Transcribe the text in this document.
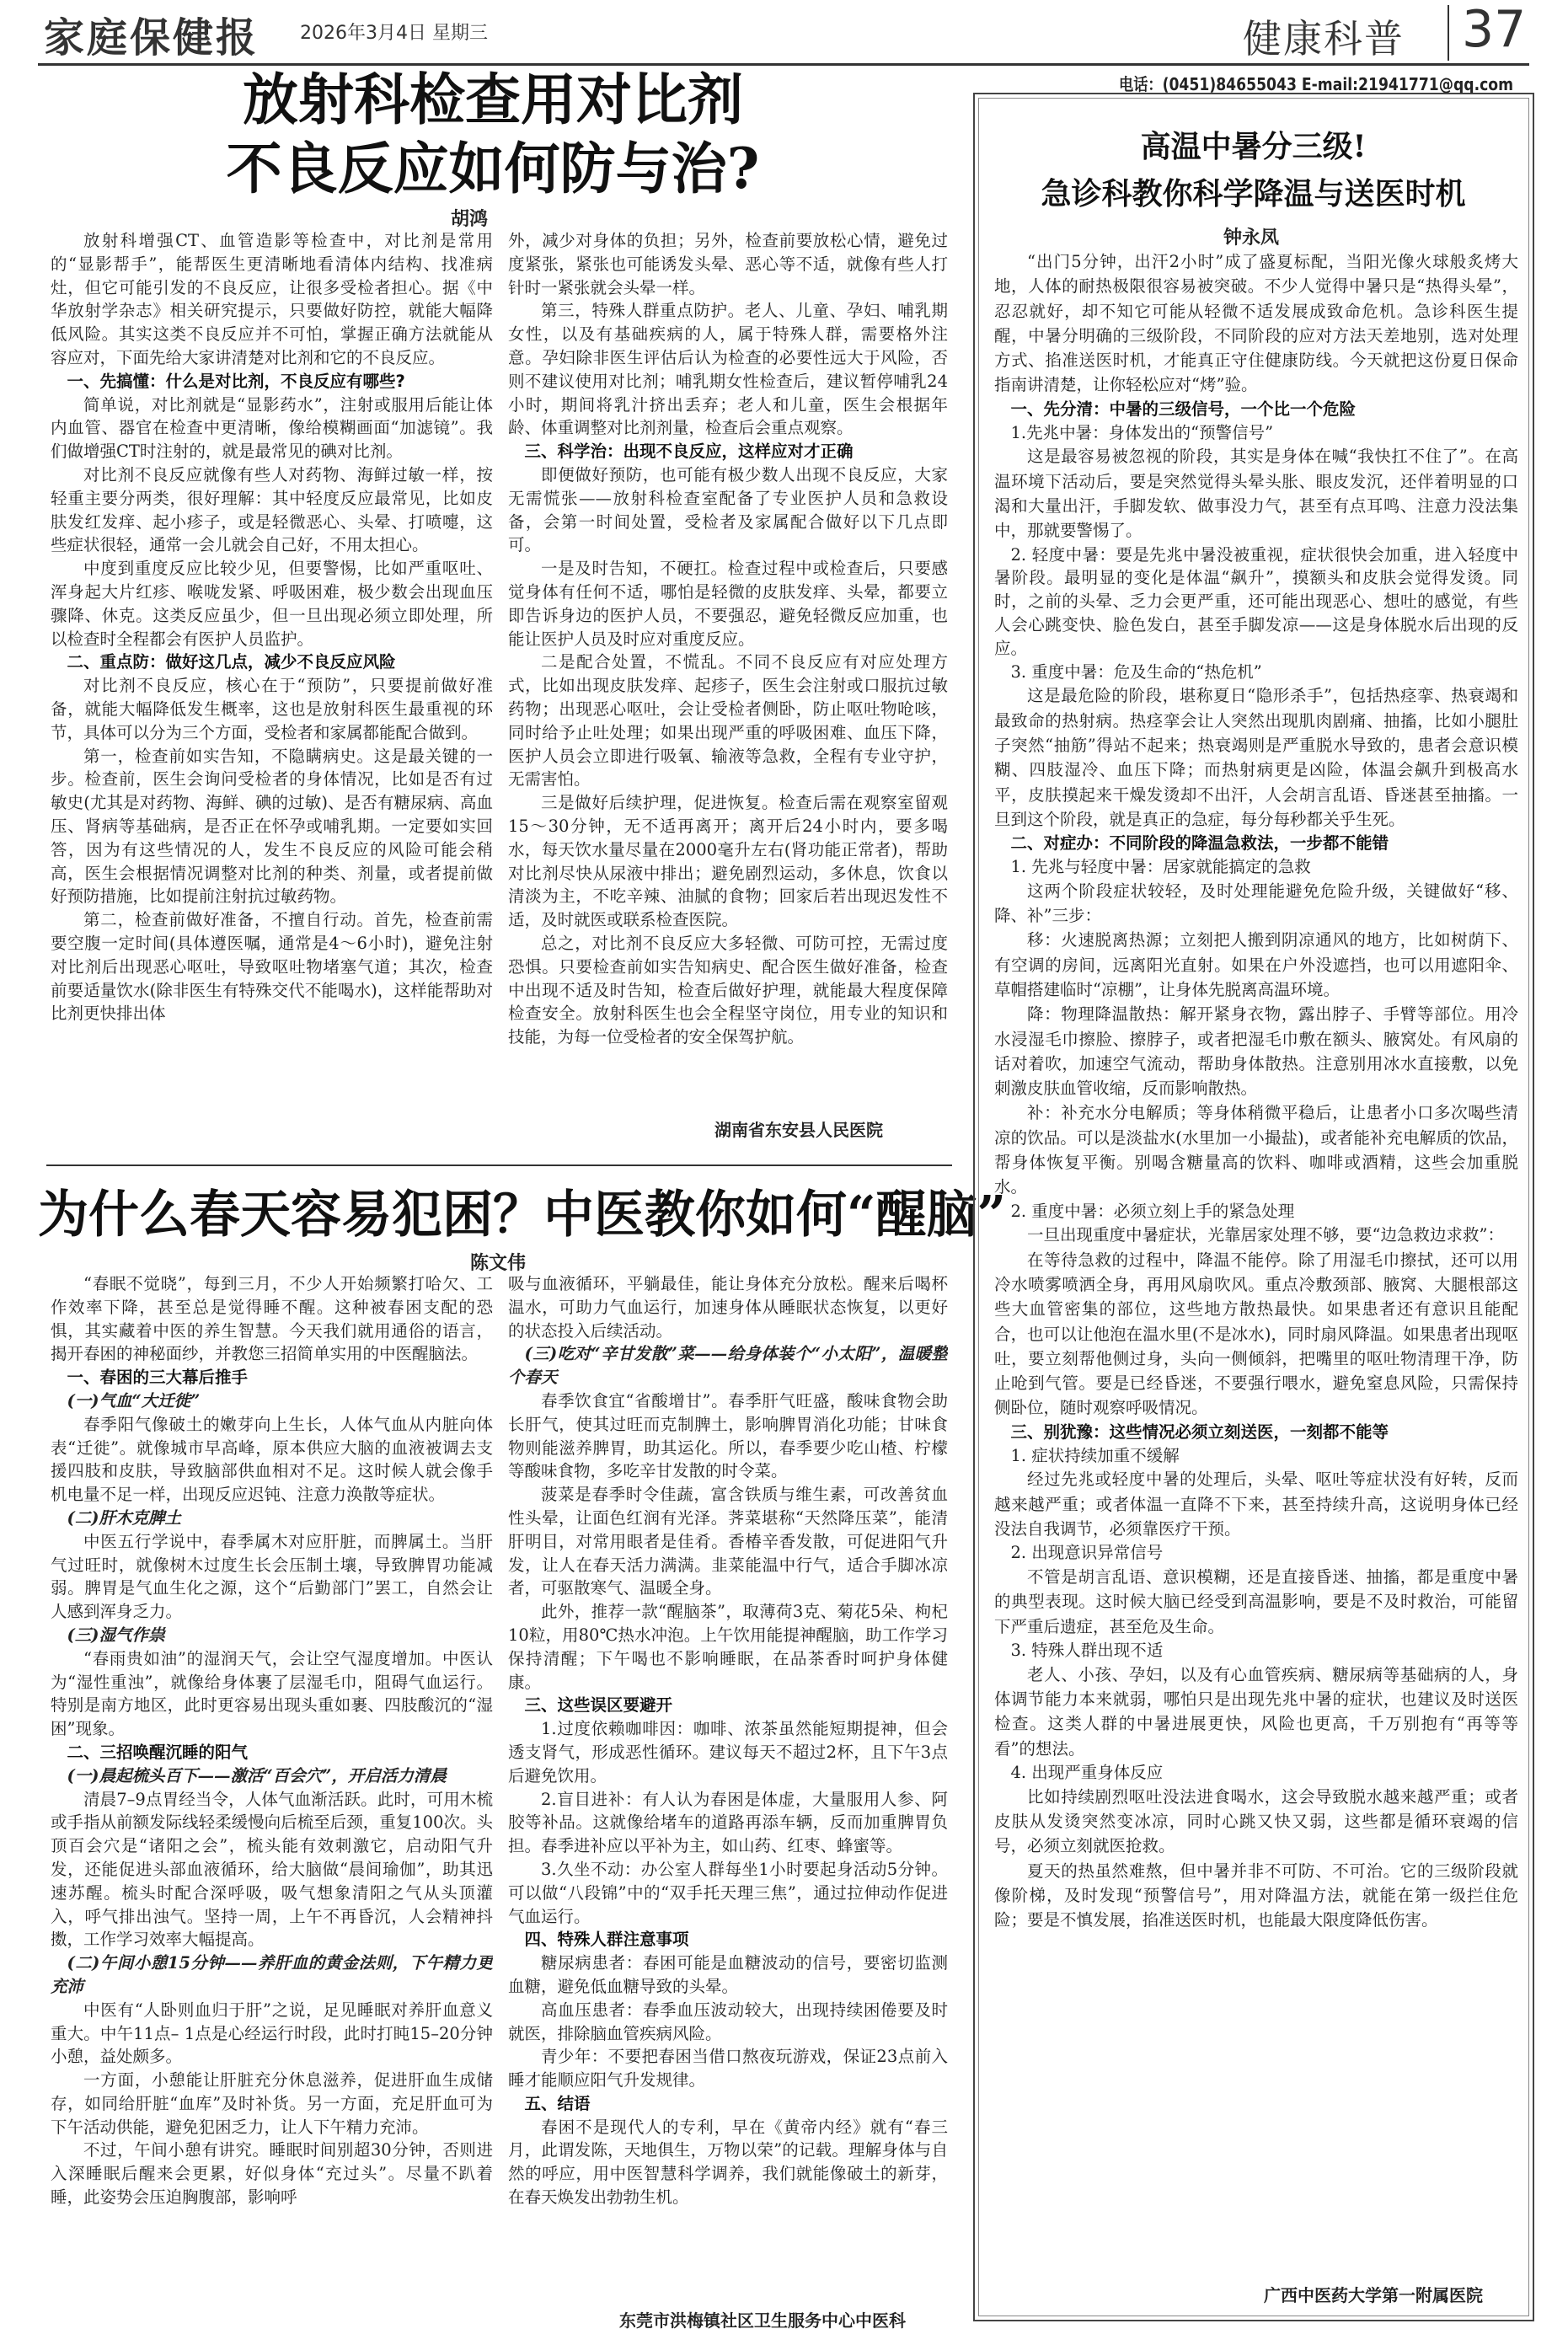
家庭保健报 2026年3月4日 星期三	健康科普 37
电话：(0451)84655043 E-mail:21941771@qq.com
放射科检查用对比剂
不良反应如何防与治?
胡鸿

放射科增强CT、血管造影等检查中，对比剂是常用的“显影帮手”，能帮医生更清晰地看清体内结构、找准病灶，但它可能引发的不良反应，让很多受检者担心。据《中华放射学杂志》相关研究提示，只要做好防控，就能大幅降低风险。其实这类不良反应并不可怕，掌握正确方法就能从容应对，下面先给大家讲清楚对比剂和它的不良反应。

一、先搞懂：什么是对比剂，不良反应有哪些?

简单说，对比剂就是“显影药水”，注射或服用后能让体内血管、器官在检查中更清晰，像给模糊画面“加滤镜”。我们做增强CT时注射的，就是最常见的碘对比剂。

对比剂不良反应就像有些人对药物、海鲜过敏一样，按轻重主要分两类，很好理解：其中轻度反应最常见，比如皮肤发红发痒、起小疹子，或是轻微恶心、头晕、打喷嚏，这些症状很轻，通常一会儿就会自己好，不用太担心。

中度到重度反应比较少见，但要警惕，比如严重呕吐、浑身起大片红疹、喉咙发紧、呼吸困难，极少数会出现血压骤降、休克。这类反应虽少，但一旦出现必须立即处理，所以检查时全程都会有医护人员监护。

二、重点防：做好这几点，减少不良反应风险

对比剂不良反应，核心在于“预防”，只要提前做好准备，就能大幅降低发生概率，这也是放射科医生最重视的环节，具体可以分为三个方面，受检者和家属都能配合做到。

第一，检查前如实告知，不隐瞒病史。这是最关键的一步。检查前，医生会询问受检者的身体情况，比如是否有过敏史(尤其是对药物、海鲜、碘的过敏)、是否有糖尿病、高血压、肾病等基础病，是否正在怀孕或哺乳期。一定要如实回答，因为有这些情况的人，发生不良反应的风险可能会稍高，医生会根据情况调整对比剂的种类、剂量，或者提前做好预防措施，比如提前注射抗过敏药物。

第二，检查前做好准备，不擅自行动。首先，检查前需要空腹一定时间(具体遵医嘱，通常是4～6小时)，避免注射对比剂后出现恶心呕吐，导致呕吐物堵塞气道；其次，检查前要适量饮水(除非医生有特殊交代不能喝水)，这样能帮助对比剂更快排出体

外，减少对身体的负担；另外，检查前要放松心情，避免过度紧张，紧张也可能诱发头晕、恶心等不适，就像有些人打针时一紧张就会头晕一样。

第三，特殊人群重点防护。老人、儿童、孕妇、哺乳期女性，以及有基础疾病的人，属于特殊人群，需要格外注意。孕妇除非医生评估后认为检查的必要性远大于风险，否则不建议使用对比剂；哺乳期女性检查后，建议暂停哺乳24小时，期间将乳汁挤出丢弃；老人和儿童，医生会根据年龄、体重调整对比剂剂量，检查后会重点观察。

三、科学治：出现不良反应，这样应对才正确

即便做好预防，也可能有极少数人出现不良反应，大家无需慌张——放射科检查室配备了专业医护人员和急救设备，会第一时间处置，受检者及家属配合做好以下几点即可。

一是及时告知，不硬扛。检查过程中或检查后，只要感觉身体有任何不适，哪怕是轻微的皮肤发痒、头晕，都要立即告诉身边的医护人员，不要强忍，避免轻微反应加重，也能让医护人员及时应对重度反应。

二是配合处置，不慌乱。不同不良反应有对应处理方式，比如出现皮肤发痒、起疹子，医生会注射或口服抗过敏药物；出现恶心呕吐，会让受检者侧卧，防止呕吐物呛咳，同时给予止吐处理；如果出现严重的呼吸困难、血压下降，医护人员会立即进行吸氧、输液等急救，全程有专业守护，无需害怕。

三是做好后续护理，促进恢复。检查后需在观察室留观15～30分钟，无不适再离开；离开后24小时内，要多喝水，每天饮水量尽量在2000毫升左右(肾功能正常者)，帮助对比剂尽快从尿液中排出；避免剧烈运动，多休息，饮食以清淡为主，不吃辛辣、油腻的食物；回家后若出现迟发性不适，及时就医或联系检查医院。

总之，对比剂不良反应大多轻微、可防可控，无需过度恐惧。只要检查前如实告知病史、配合医生做好准备，检查中出现不适及时告知，检查后做好护理，就能最大程度保障检查安全。放射科医生也会全程坚守岗位，用专业的知识和技能，为每一位受检者的安全保驾护航。

湖南省东安县人民医院
为什么春天容易犯困？中医教你如何“醒脑”
陈文伟

“春眠不觉晓”，每到三月，不少人开始频繁打哈欠、工作效率下降，甚至总是觉得睡不醒。这种被春困支配的恐惧，其实藏着中医的养生智慧。今天我们就用通俗的语言，揭开春困的神秘面纱，并教您三招简单实用的中医醒脑法。

一、春困的三大幕后推手
(一)气血“大迁徙”

春季阳气像破土的嫩芽向上生长，人体气血从内脏向体表“迁徙”。就像城市早高峰，原本供应大脑的血液被调去支援四肢和皮肤，导致脑部供血相对不足。这时候人就会像手机电量不足一样，出现反应迟钝、注意力涣散等症状。

(二)肝木克脾土

中医五行学说中，春季属木对应肝脏，而脾属土。当肝气过旺时，就像树木过度生长会压制土壤，导致脾胃功能减弱。脾胃是气血生化之源，这个“后勤部门”罢工，自然会让人感到浑身乏力。

(三)湿气作祟

“春雨贵如油”的湿润天气，会让空气湿度增加。中医认为“湿性重浊”，就像给身体裹了层湿毛巾，阻碍气血运行。特别是南方地区，此时更容易出现头重如裹、四肢酸沉的“湿困”现象。

二、三招唤醒沉睡的阳气
(一)晨起梳头百下——激活“百会穴”，开启活力清晨

清晨7–9点胃经当令，人体气血渐活跃。此时，可用木梳或手指从前额发际线轻柔缓慢向后梳至后颈，重复100次。头顶百会穴是“诸阳之会”，梳头能有效刺激它，启动阳气升发，还能促进头部血液循环，给大脑做“晨间瑜伽”，助其迅速苏醒。梳头时配合深呼吸，吸气想象清阳之气从头顶灌入，呼气排出浊气。坚持一周，上午不再昏沉，人会精神抖擞，工作学习效率大幅提高。

(二)午间小憩15分钟——养肝血的黄金法则，下午精力更充沛

中医有“人卧则血归于肝”之说，足见睡眠对养肝血意义重大。中午11点– 1点是心经运行时段，此时打盹15–20分钟小憩，益处颇多。

一方面，小憩能让肝脏充分休息滋养，促进肝血生成储存，如同给肝脏“血库”及时补货。另一方面，充足肝血可为下午活动供能，避免犯困乏力，让人下午精力充沛。

不过，午间小憩有讲究。睡眠时间别超30分钟，否则进入深睡眠后醒来会更累，好似身体“充过头”。尽量不趴着睡，此姿势会压迫胸腹部，影响呼

吸与血液循环，平躺最佳，能让身体充分放松。醒来后喝杯温水，可助力气血运行，加速身体从睡眠状态恢复，以更好的状态投入后续活动。

(三)吃对“辛甘发散”菜——给身体装个“小太阳”，温暖整个春天

春季饮食宜“省酸增甘”。春季肝气旺盛，酸味食物会助长肝气，使其过旺而克制脾土，影响脾胃消化功能；甘味食物则能滋养脾胃，助其运化。所以，春季要少吃山楂、柠檬等酸味食物，多吃辛甘发散的时令菜。

菠菜是春季时令佳蔬，富含铁质与维生素，可改善贫血性头晕，让面色红润有光泽。荠菜堪称“天然降压菜”，能清肝明目，对常用眼者是佳肴。香椿辛香发散，可促进阳气升发，让人在春天活力满满。韭菜能温中行气，适合手脚冰凉者，可驱散寒气、温暖全身。

此外，推荐一款“醒脑茶”，取薄荷3克、菊花5朵、枸杞10粒，用80℃热水冲泡。上午饮用能提神醒脑，助工作学习保持清醒；下午喝也不影响睡眠，在品茶香时呵护身体健康。

三、这些误区要避开

1.过度依赖咖啡因：咖啡、浓茶虽然能短期提神，但会透支肾气，形成恶性循环。建议每天不超过2杯，且下午3点后避免饮用。

2.盲目进补：有人认为春困是体虚，大量服用人参、阿胶等补品。这就像给堵车的道路再添车辆，反而加重脾胃负担。春季进补应以平补为主，如山药、红枣、蜂蜜等。

3.久坐不动：办公室人群每坐1小时要起身活动5分钟。可以做“八段锦”中的“双手托天理三焦”，通过拉伸动作促进气血运行。

四、特殊人群注意事项

糖尿病患者：春困可能是血糖波动的信号，要密切监测血糖，避免低血糖导致的头晕。

高血压患者：春季血压波动较大，出现持续困倦要及时就医，排除脑血管疾病风险。

青少年：不要把春困当借口熬夜玩游戏，保证23点前入睡才能顺应阳气升发规律。

五、结语

春困不是现代人的专利，早在《黄帝内经》就有“春三月，此谓发陈，天地俱生，万物以荣”的记载。理解身体与自然的呼应，用中医智慧科学调养，我们就能像破土的新芽，在春天焕发出勃勃生机。

东莞市洪梅镇社区卫生服务中心中医科
高温中暑分三级!
急诊科教你科学降温与送医时机
钟永凤

“出门5分钟，出汗2小时”成了盛夏标配，当阳光像火球般炙烤大地，人体的耐热极限很容易被突破。不少人觉得中暑只是“热得头晕”，忍忍就好，却不知它可能从轻微不适发展成致命危机。急诊科医生提醒，中暑分明确的三级阶段，不同阶段的应对方法天差地别，选对处理方式、掐准送医时机，才能真正守住健康防线。今天就把这份夏日保命指南讲清楚，让你轻松应对“烤”验。

一、先分清：中暑的三级信号，一个比一个危险
1.先兆中暑：身体发出的“预警信号”

这是最容易被忽视的阶段，其实是身体在喊“我快扛不住了”。在高温环境下活动后，要是突然觉得头晕头胀、眼皮发沉，还伴着明显的口渴和大量出汗，手脚发软、做事没力气，甚至有点耳鸣、注意力没法集中，那就要警惕了。

2. 轻度中暑：要是先兆中暑没被重视，症状很快会加重，进入轻度中暑阶段。最明显的变化是体温“飙升”，摸额头和皮肤会觉得发烫。同时，之前的头晕、乏力会更严重，还可能出现恶心、想吐的感觉，有些人会心跳变快、脸色发白，甚至手脚发凉——这是身体脱水后出现的反应。
3. 重度中暑：危及生命的“热危机”

这是最危险的阶段，堪称夏日“隐形杀手”，包括热痉挛、热衰竭和最致命的热射病。热痉挛会让人突然出现肌肉剧痛、抽搐，比如小腿肚子突然“抽筋”得站不起来；热衰竭则是严重脱水导致的，患者会意识模糊、四肢湿冷、血压下降；而热射病更是凶险，体温会飙升到极高水平，皮肤摸起来干燥发烫却不出汗，人会胡言乱语、昏迷甚至抽搐。一旦到这个阶段，就是真正的急症，每分每秒都关乎生死。

二、对症办：不同阶段的降温急救法，一步都不能错
1. 先兆与轻度中暑：居家就能搞定的急救

这两个阶段症状较轻，及时处理能避免危险升级，关键做好“移、降、补”三步：

移：火速脱离热源；立刻把人搬到阴凉通风的地方，比如树荫下、有空调的房间，远离阳光直射。如果在户外没遮挡，也可以用遮阳伞、草帽搭建临时“凉棚”，让身体先脱离高温环境。

降：物理降温散热：解开紧身衣物，露出脖子、手臂等部位。用冷水浸湿毛巾擦脸、擦脖子，或者把湿毛巾敷在额头、腋窝处。有风扇的话对着吹，加速空气流动，帮助身体散热。注意别用冰水直接敷，以免刺激皮肤血管收缩，反而影响散热。

补：补充水分电解质；等身体稍微平稳后，让患者小口多次喝些清凉的饮品。可以是淡盐水(水里加一小撮盐)，或者能补充电解质的饮品，帮身体恢复平衡。别喝含糖量高的饮料、咖啡或酒精，这些会加重脱水。

2. 重度中暑：必须立刻上手的紧急处理

一旦出现重度中暑症状，光靠居家处理不够，要“边急救边求救”：

在等待急救的过程中，降温不能停。除了用湿毛巾擦拭，还可以用冷水喷雾喷洒全身，再用风扇吹风。重点冷敷颈部、腋窝、大腿根部这些大血管密集的部位，这些地方散热最快。如果患者还有意识且能配合，也可以让他泡在温水里(不是冰水)，同时扇风降温。如果患者出现呕吐，要立刻帮他侧过身，头向一侧倾斜，把嘴里的呕吐物清理干净，防止呛到气管。要是已经昏迷，不要强行喂水，避免窒息风险，只需保持侧卧位，随时观察呼吸情况。

三、别犹豫：这些情况必须立刻送医，一刻都不能等
1. 症状持续加重不缓解

经过先兆或轻度中暑的处理后，头晕、呕吐等症状没有好转，反而越来越严重；或者体温一直降不下来，甚至持续升高，这说明身体已经没法自我调节，必须靠医疗干预。

2. 出现意识异常信号

不管是胡言乱语、意识模糊，还是直接昏迷、抽搐，都是重度中暑的典型表现。这时候大脑已经受到高温影响，要是不及时救治，可能留下严重后遗症，甚至危及生命。

3. 特殊人群出现不适

老人、小孩、孕妇，以及有心血管疾病、糖尿病等基础病的人，身体调节能力本来就弱，哪怕只是出现先兆中暑的症状，也建议及时送医检查。这类人群的中暑进展更快，风险也更高，千万别抱有“再等等看”的想法。

4. 出现严重身体反应

比如持续剧烈呕吐没法进食喝水，这会导致脱水越来越严重；或者皮肤从发烫突然变冰凉，同时心跳又快又弱，这些都是循环衰竭的信号，必须立刻就医抢救。

夏天的热虽然难熬，但中暑并非不可防、不可治。它的三级阶段就像阶梯，及时发现“预警信号”，用对降温方法，就能在第一级拦住危险；要是不慎发展，掐准送医时机，也能最大限度降低伤害。

广西中医药大学第一附属医院
